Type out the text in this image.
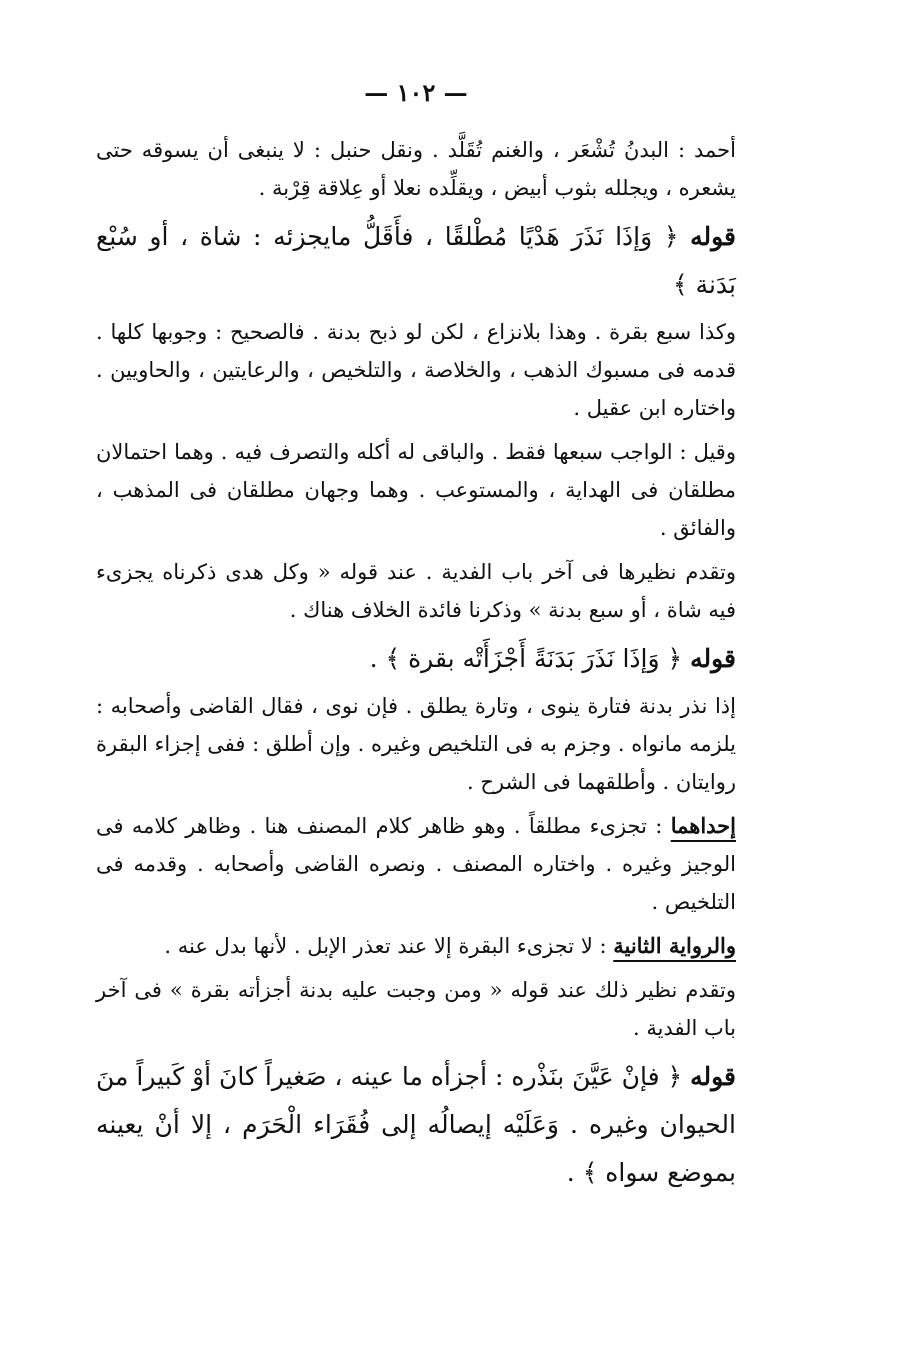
— ١٠٢ —

أحمد : البدنُ تُشْعَر ، والغنم تُقَلَّد . ونقل حنبل : لا ينبغى أن يسوقه حتى يشعره ، ويجلله بثوب أبيض ، ويقلِّده نعلا أو عِلاقة قِرْبة .

قوله ﴿ وَإذَا نَذَرَ هَدْيًا مُطْلقًا ، فأَقَلُّ مايجزئه : شاة ، أو سُبْع بَدَنة ﴾

وكذا سبع بقرة . وهذا بلانزاع ، لكن لو ذبح بدنة . فالصحيح : وجوبها كلها . قدمه فى مسبوك الذهب ، والخلاصة ، والتلخيص ، والرعايتين ، والحاويين . واختاره ابن عقيل .

وقيل : الواجب سبعها فقط . والباقى له أكله والتصرف فيه . وهما احتمالان مطلقان فى الهداية ، والمستوعب . وهما وجهان مطلقان فى المذهب ، والفائق .

وتقدم نظيرها فى آخر باب الفدية . عند قوله « وكل هدى ذكرناه يجزىء فيه شاة ، أو سبع بدنة » وذكرنا فائدة الخلاف هناك .

قوله ﴿ وَإذَا نَذَرَ بَدَنَةً أَجْزَأَتْه بقرة ﴾ .

إذا نذر بدنة فتارة ينوى ، وتارة يطلق . فإن نوى ، فقال القاضى وأصحابه : يلزمه مانواه . وجزم به فى التلخيص وغيره . وإن أطلق : ففى إجزاء البقرة روايتان . وأطلقهما فى الشرح .

إحداهما : تجزىء مطلقاً . وهو ظاهر كلام المصنف هنا . وظاهر كلامه فى الوجيز وغيره . واختاره المصنف . ونصره القاضى وأصحابه . وقدمه فى التلخيص .

والرواية الثانية : لا تجزىء البقرة إلا عند تعذر الإبل . لأنها بدل عنه .

وتقدم نظير ذلك عند قوله « ومن وجبت عليه بدنة أجزأته بقرة » فى آخر باب الفدية .

قوله ﴿ فإنْ عَيَّنَ بنَذْره : أجزأه ما عينه ، صَغيراً كانَ أوْ كَبيراً منَ الحيوان وغيره . وَعَلَيْه إيصالُه إلى فُقَرَاء الْحَرَم ، إلا أنْ يعينه بموضع سواه ﴾ .
